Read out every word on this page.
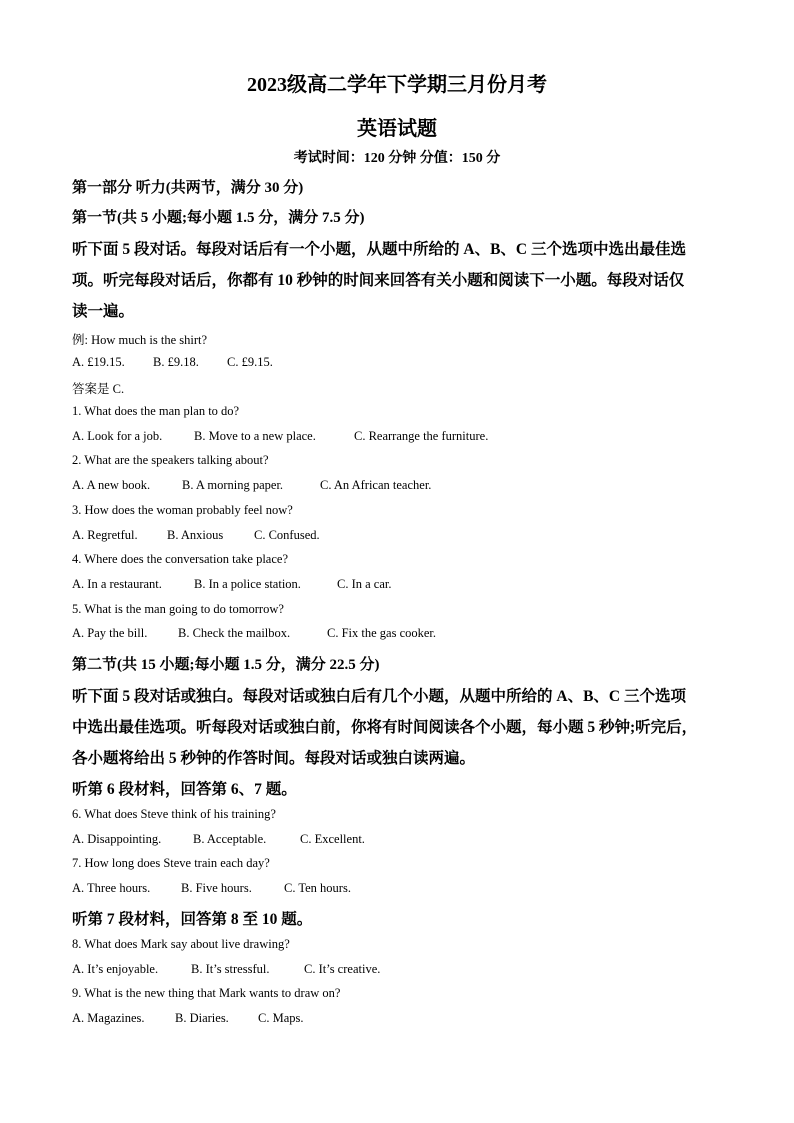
2023级高二学年下学期三月份月考
英语试题
考试时间：120 分钟 分值：150 分
第一部分 听力(共两节，满分 30 分)
第一节(共 5 小题;每小题 1.5 分，满分 7.5 分)
听下面 5 段对话。每段对话后有一个小题，从题中所给的 A、B、C 三个选项中选出最佳选
项。听完每段对话后，你都有 10 秒钟的时间来回答有关小题和阅读下一小题。每段对话仅
读一遍。
例: How much is the shirt?
A. £19.15. B. £9.18. C. £9.15.
答案是 C.
1. What does the man plan to do?
A. Look for a job.	B. Move to a new place.	C. Rearrange the furniture.
2. What are the speakers talking about?
A. A new book.	B. A morning paper.	C. An African teacher.
3. How does the woman probably feel now?
A. Regretful. B. Anxious C. Confused.
4. Where does the conversation take place?
A. In a restaurant.	B. In a police station.	C. In a car.
5. What is the man going to do tomorrow?
A. Pay the bill. B. Check the mailbox.	C. Fix the gas cooker.
第二节(共 15 小题;每小题 1.5 分，满分 22.5 分)
听下面 5 段对话或独白。每段对话或独白后有几个小题，从题中所给的 A、B、C 三个选项
中选出最佳选项。听每段对话或独白前，你将有时间阅读各个小题，每小题 5 秒钟;听完后，
各小题将给出 5 秒钟的作答时间。每段对话或独白读两遍。
听第 6 段材料，回答第 6、7 题。
6. What does Steve think of his training?
A. Disappointing.	B. Acceptable.	C. Excellent.
7. How long does Steve train each day?
A. Three hours. B. Five hours.	C. Ten hours.
听第 7 段材料，回答第 8 至 10 题。
8. What does Mark say about live drawing?
A. It’s enjoyable.	B. It’s stressful.	C. It’s creative.
9. What is the new thing that Mark wants to draw on?
A. Magazines. B. Diaries. C. Maps.
